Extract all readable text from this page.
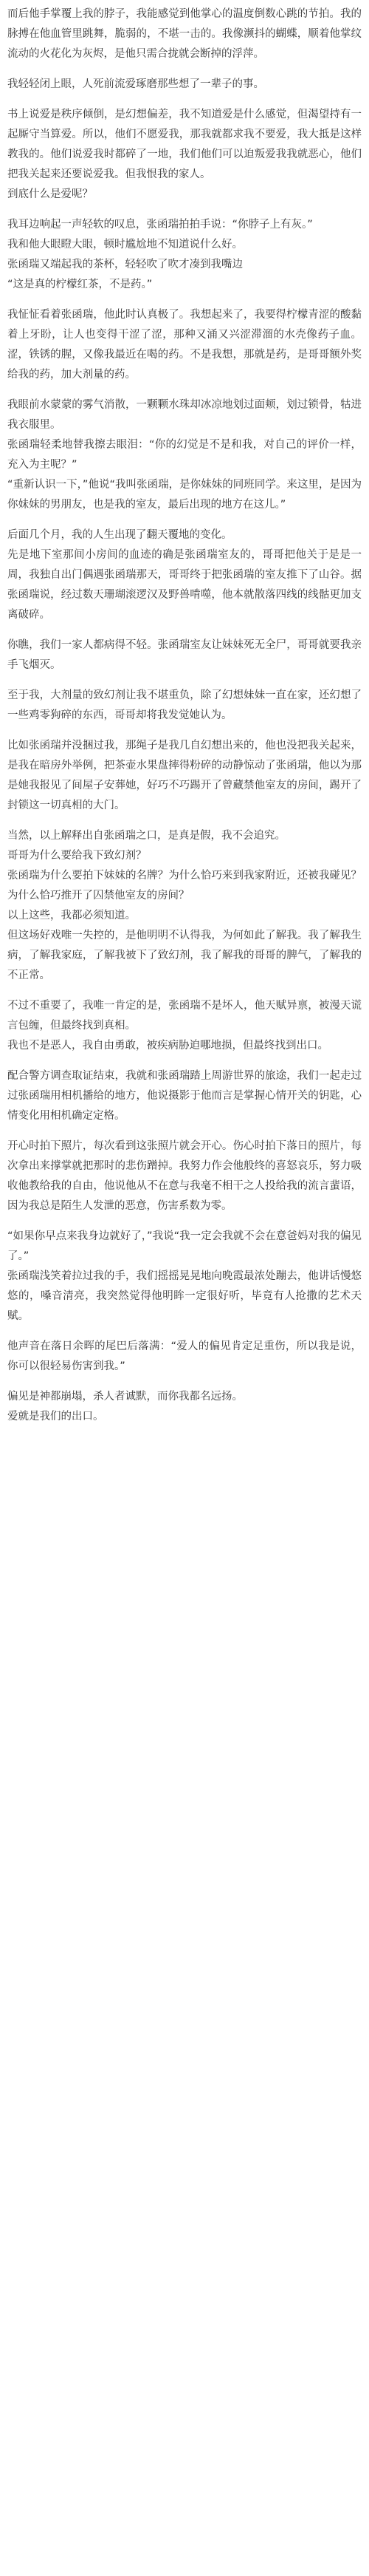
而后他手掌覆上我的脖子，我能感觉到他掌心的温度倒数心跳的节拍。我的脉搏在他血管里跳舞，脆弱的，不堪一击的。我像濒抖的蝴蝶，顺着他掌纹流动的火花化为灰烬，是他只需合拢就会断掉的浮萍。

我轻轻闭上眼，人死前流爱琢磨那些想了一辈子的事。

书上说爱是秩序倾倒，是幻想偏差，我不知道爱是什么感觉，但渴望持有一起厮守当算爱。所以，他们不愿爱我，那我就都求我不要爱，我大抵是这样教我的。他们说爱我时都碎了一地，我们他们可以迫叛爱我我就恶心，他们把我关起来还要说爱我。但我恨我的家人。
到底什么是爱呢？

我耳边响起一声轻软的叹息，张函瑞拍拍手说：“你脖子上有灰。”
我和他大眼瞪大眼，顿时尴尬地不知道说什么好。
张函瑞又端起我的茶杯，轻轻吹了吹才凑到我嘴边
“这是真的柠檬红茶，不是药。”

我怔怔看着张函瑞，他此时认真极了。我想起来了，我要得柠檬青涩的酸黏着上牙盼，让人也变得干涩了涩，那种又涌又兴涩滞溜的水壳像药子血。涩，铁锈的腥，又像我最近在喝的药。不是我想，那就是药，是哥哥额外奖给我的药，加大剂量的药。

我眼前水蒙蒙的雾气消散，一颗颗水珠却冰凉地划过面颊，划过锁骨，牯进我衣服里。
张函瑞轻柔地替我擦去眼泪：“你的幻觉是不是和我，对自己的评价一样，充入为主呢？”
“重新认识一下，”他说“我叫张函瑞，是你妹妹的同班同学。来这里，是因为你妹妹的男朋友，也是我的室友，最后出现的地方在这儿。”

后面几个月，我的人生出现了翻天覆地的变化。
先是地下室那间小房间的血迹的确是张函瑞室友的，哥哥把他关于是是一周，我独自出门偶遇张函瑞那天，哥哥终于把张函瑞的室友推下了山谷。据张函瑞说，经过数天珊瑚滚逻汉及野兽啃噬，他本就散落四线的线骷更加支离破碎。

你瞧，我们一家人都病得不轻。张函瑞室友让妹妹死无全尸，哥哥就要我亲手飞烟灭。

至于我，大剂量的致幻剂让我不堪重负，除了幻想妹妹一直在家，还幻想了一些鸡零狗碎的东西，哥哥却将我发觉她认为。

比如张函瑞并没捆过我，那绳子是我几自幻想出来的，他也没把我关起来，是我在暗房外举例，把茶壶水果盘摔得粉碎的动静惊动了张函瑞，他以为那是她我报见了间屋子安葬她，好巧不巧踢开了曾藏禁他室友的房间，踢开了封锁这一切真相的大门。

当然，以上解释出自张函瑞之口，是真是假，我不会追究。
哥哥为什么要给我下致幻剂？
张函瑞为什么要拍下妹妹的名牌？为什么恰巧来到我家附近，还被我碰见？为什么恰巧推开了囚禁他室友的房间？
以上这些，我都必须知道。
但这场好戏唯一失控的，是他明明不认得我，为何如此了解我。我了解我生病，了解我家庭，了解我被下了致幻剂，我了解我的哥哥的脾气，了解我的不正常。

不过不重要了，我唯一肯定的是，张函瑞不是坏人，他天赋异禀，被漫天谎言包缠，但最终找到真相。
我也不是恶人，我自由勇敢，被疾病胁迫哪地损，但最终找到出口。

配合警方调查取证结束，我就和张函瑞踏上周游世界的旅途，我们一起走过过张函瑞用相机播给的地方，他说摄影于他而言是掌握心情开关的钥匙，心情变化用相机确定定格。

开心时拍下照片，每次看到这张照片就会开心。伤心时拍下落日的照片，每次拿出来撑掌就把那时的悲伤蹭掉。我努力作会他般终的喜怒哀乐，努力吸收他教给我的自由，他说他从不在意与我毫不相干之人投给我的流言蜚语，因为我总是陌生人发泄的恶意，伤害系数为零。

“如果你早点来我身边就好了，”我说“我一定会我就不会在意爸妈对我的偏见了。”
张函瑞浅笑着拉过我的手，我们摇摇晃晃地向晚霞最浓处蹦去，他讲话慢悠悠的，嗓音清亮，我突然觉得他明眸一定很好听，毕竟有人抢撒的艺术天赋。

他声音在落日余晖的尾巴后落满：“爱人的偏见肯定足重伤，所以我是说，你可以很轻易伤害到我。”

偏见是神都崩塌，杀人者诚默，而你我都名远扬。
爱就是我们的出口。
